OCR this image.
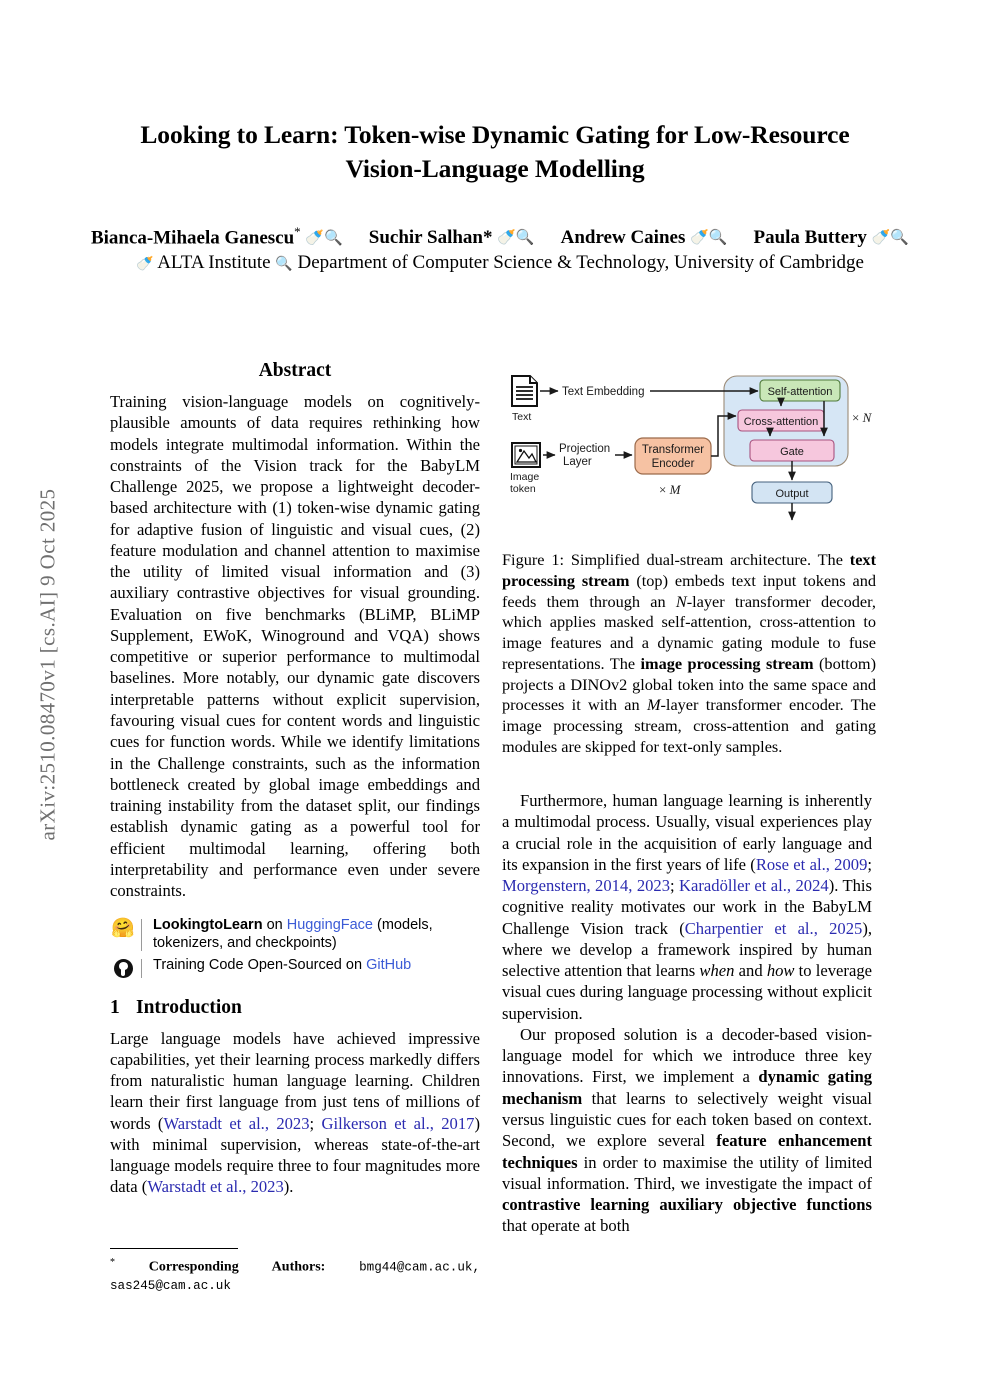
arXiv:2510.08470v1 [cs.AI] 9 Oct 2025
Looking to Learn: Token-wise Dynamic Gating for Low-Resource
Vision-Language Modelling
Bianca-Mihaela Ganescu* 🍼🔍 Suchir Salhan* 🍼🔍 Andrew Caines 🍼🔍 Paula Buttery 🍼🔍
🍼 ALTA Institute 🔍 Department of Computer Science & Technology, University of Cambridge
Abstract

Training vision-language models on cognitively-plausible amounts of data requires rethinking how models integrate multimodal information. Within the constraints of the Vision track for the BabyLM Challenge 2025, we propose a lightweight decoder-based architecture with (1) token-wise dynamic gating for adaptive fusion of linguistic and visual cues, (2) feature modulation and channel attention to maximise the utility of limited visual information and (3) auxiliary contrastive objectives for visual grounding. Evaluation on five benchmarks (BLiMP, BLiMP Supplement, EWoK, Winoground and VQA) shows competitive or superior performance to multimodal baselines. More notably, our dynamic gate discovers interpretable patterns without explicit supervision, favouring visual cues for content words and linguistic cues for function words. While we identify limitations in the Challenge constraints, such as the information bottleneck created by global image embeddings and training instability from the dataset split, our findings establish dynamic gating as a powerful tool for efficient multimodal learning, offering both interpretability and performance even under severe constraints.

🤗 LookingtoLearn on HuggingFace (models, tokenizers, and checkpoints)
Training Code Open-Sourced on GitHub
1 Introduction

Large language models have achieved impressive capabilities, yet their learning process markedly differs from naturalistic human language learning. Children learn their first language from just tens of millions of words (Warstadt et al., 2023; Gilkerson et al., 2017) with minimal supervision, whereas state-of-the-art language models require three to four magnitudes more data (Warstadt et al., 2023).

Text
Text Embedding
Image
token
Projection
Layer
Transformer
Encoder
× M
Self-attention
Cross-attention
Gate
× N
Output
Figure 1: Simplified dual-stream architecture. The text processing stream (top) embeds text input tokens and feeds them through an N-layer transformer decoder, which applies masked self-attention, cross-attention to image features and a dynamic gating module to fuse representations. The image processing stream (bottom) projects a DINOv2 global token into the same space and processes it with an M-layer transformer encoder. The image processing stream, cross-attention and gating modules are skipped for text-only samples.

Furthermore, human language learning is inherently a multimodal process. Usually, visual experiences play a crucial role in the acquisition of early language and its expansion in the first years of life (Rose et al., 2009; Morgenstern, 2014, 2023; Karadöller et al., 2024). This cognitive reality motivates our work in the BabyLM Challenge Vision track (Charpentier et al., 2025), where we develop a framework inspired by human selective attention that learns when and how to leverage visual cues during language processing without explicit supervision.

Our proposed solution is a decoder-based vision-language model for which we introduce three key innovations. First, we implement a dynamic gating mechanism that learns to selectively weight visual versus linguistic cues for each token based on context. Second, we explore several feature enhancement techniques in order to maximise the utility of limited visual information. Third, we investigate the impact of contrastive learning auxiliary objective functions that operate at both

* Corresponding Authors:	bmg44@cam.ac.uk, sas245@cam.ac.uk
